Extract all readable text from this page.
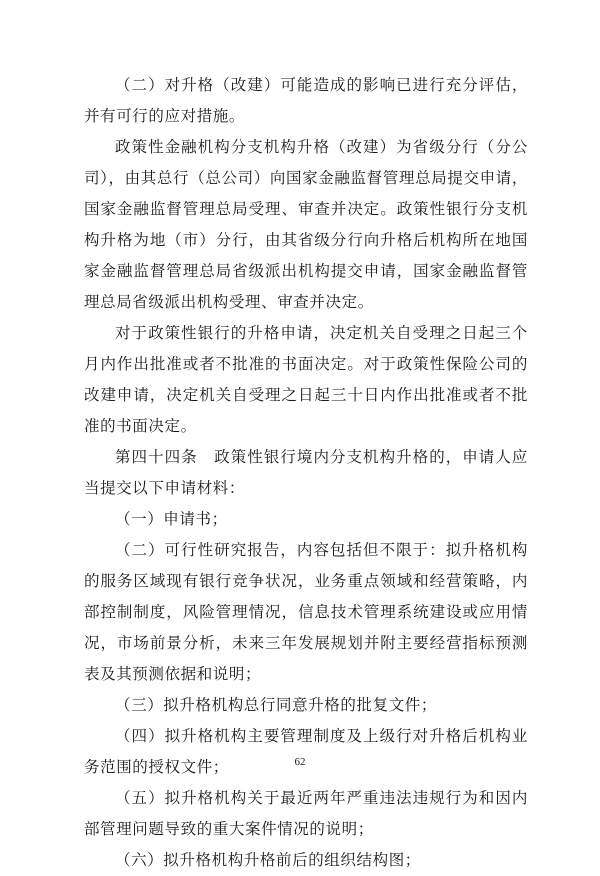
（二）对升格（改建）可能造成的影响已进行充分评估，并有可行的应对措施。

政策性金融机构分支机构升格（改建）为省级分行（分公司），由其总行（总公司）向国家金融监督管理总局提交申请，国家金融监督管理总局受理、审查并决定。政策性银行分支机构升格为地（市）分行，由其省级分行向升格后机构所在地国家金融监督管理总局省级派出机构提交申请，国家金融监督管理总局省级派出机构受理、审查并决定。

对于政策性银行的升格申请，决定机关自受理之日起三个月内作出批准或者不批准的书面决定。对于政策性保险公司的改建申请，决定机关自受理之日起三十日内作出批准或者不批准的书面决定。

第四十四条　政策性银行境内分支机构升格的，申请人应当提交以下申请材料：

（一）申请书；

（二）可行性研究报告，内容包括但不限于：拟升格机构的服务区域现有银行竞争状况，业务重点领域和经营策略，内部控制制度，风险管理情况，信息技术管理系统建设或应用情况，市场前景分析，未来三年发展规划并附主要经营指标预测表及其预测依据和说明；

（三）拟升格机构总行同意升格的批复文件；

（四）拟升格机构主要管理制度及上级行对升格后机构业务范围的授权文件；

（五）拟升格机构关于最近两年严重违法违规行为和因内部管理问题导致的重大案件情况的说明；

（六）拟升格机构升格前后的组织结构图；

62
